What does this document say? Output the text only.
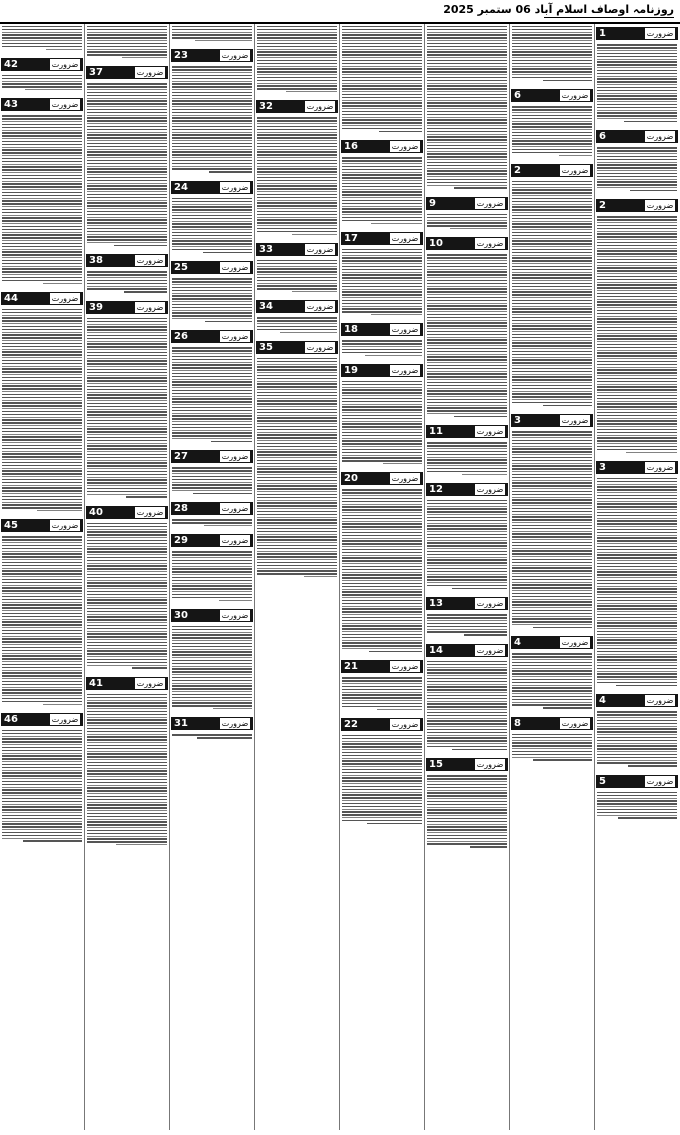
روزنامہ اوصاف اسلام آباد 06 ستمبر 2025
42	ضرورت
43	ضرورت
44	ضرورت
45	ضرورت
46	ضرورت
37	ضرورت
38	ضرورت
39	ضرورت
40	ضرورت
41	ضرورت
23	ضرورت
24	ضرورت
25	ضرورت
26	ضرورت
27	ضرورت
28	ضرورت
29	ضرورت
30	ضرورت
31	ضرورت
32	ضرورت
33	ضرورت
34	ضرورت
35	ضرورت
16	ضرورت
17	ضرورت
18	ضرورت
19	ضرورت
20	ضرورت
21	ضرورت
22	ضرورت
9	ضرورت
10	ضرورت
11	ضرورت
12	ضرورت
13	ضرورت
14	ضرورت
15	ضرورت
6	ضرورت
2	ضرورت
3	ضرورت
4	ضرورت
8	ضرورت
1	ضرورت
6	ضرورت
2	ضرورت
3	ضرورت
4	ضرورت
5	ضرورت
